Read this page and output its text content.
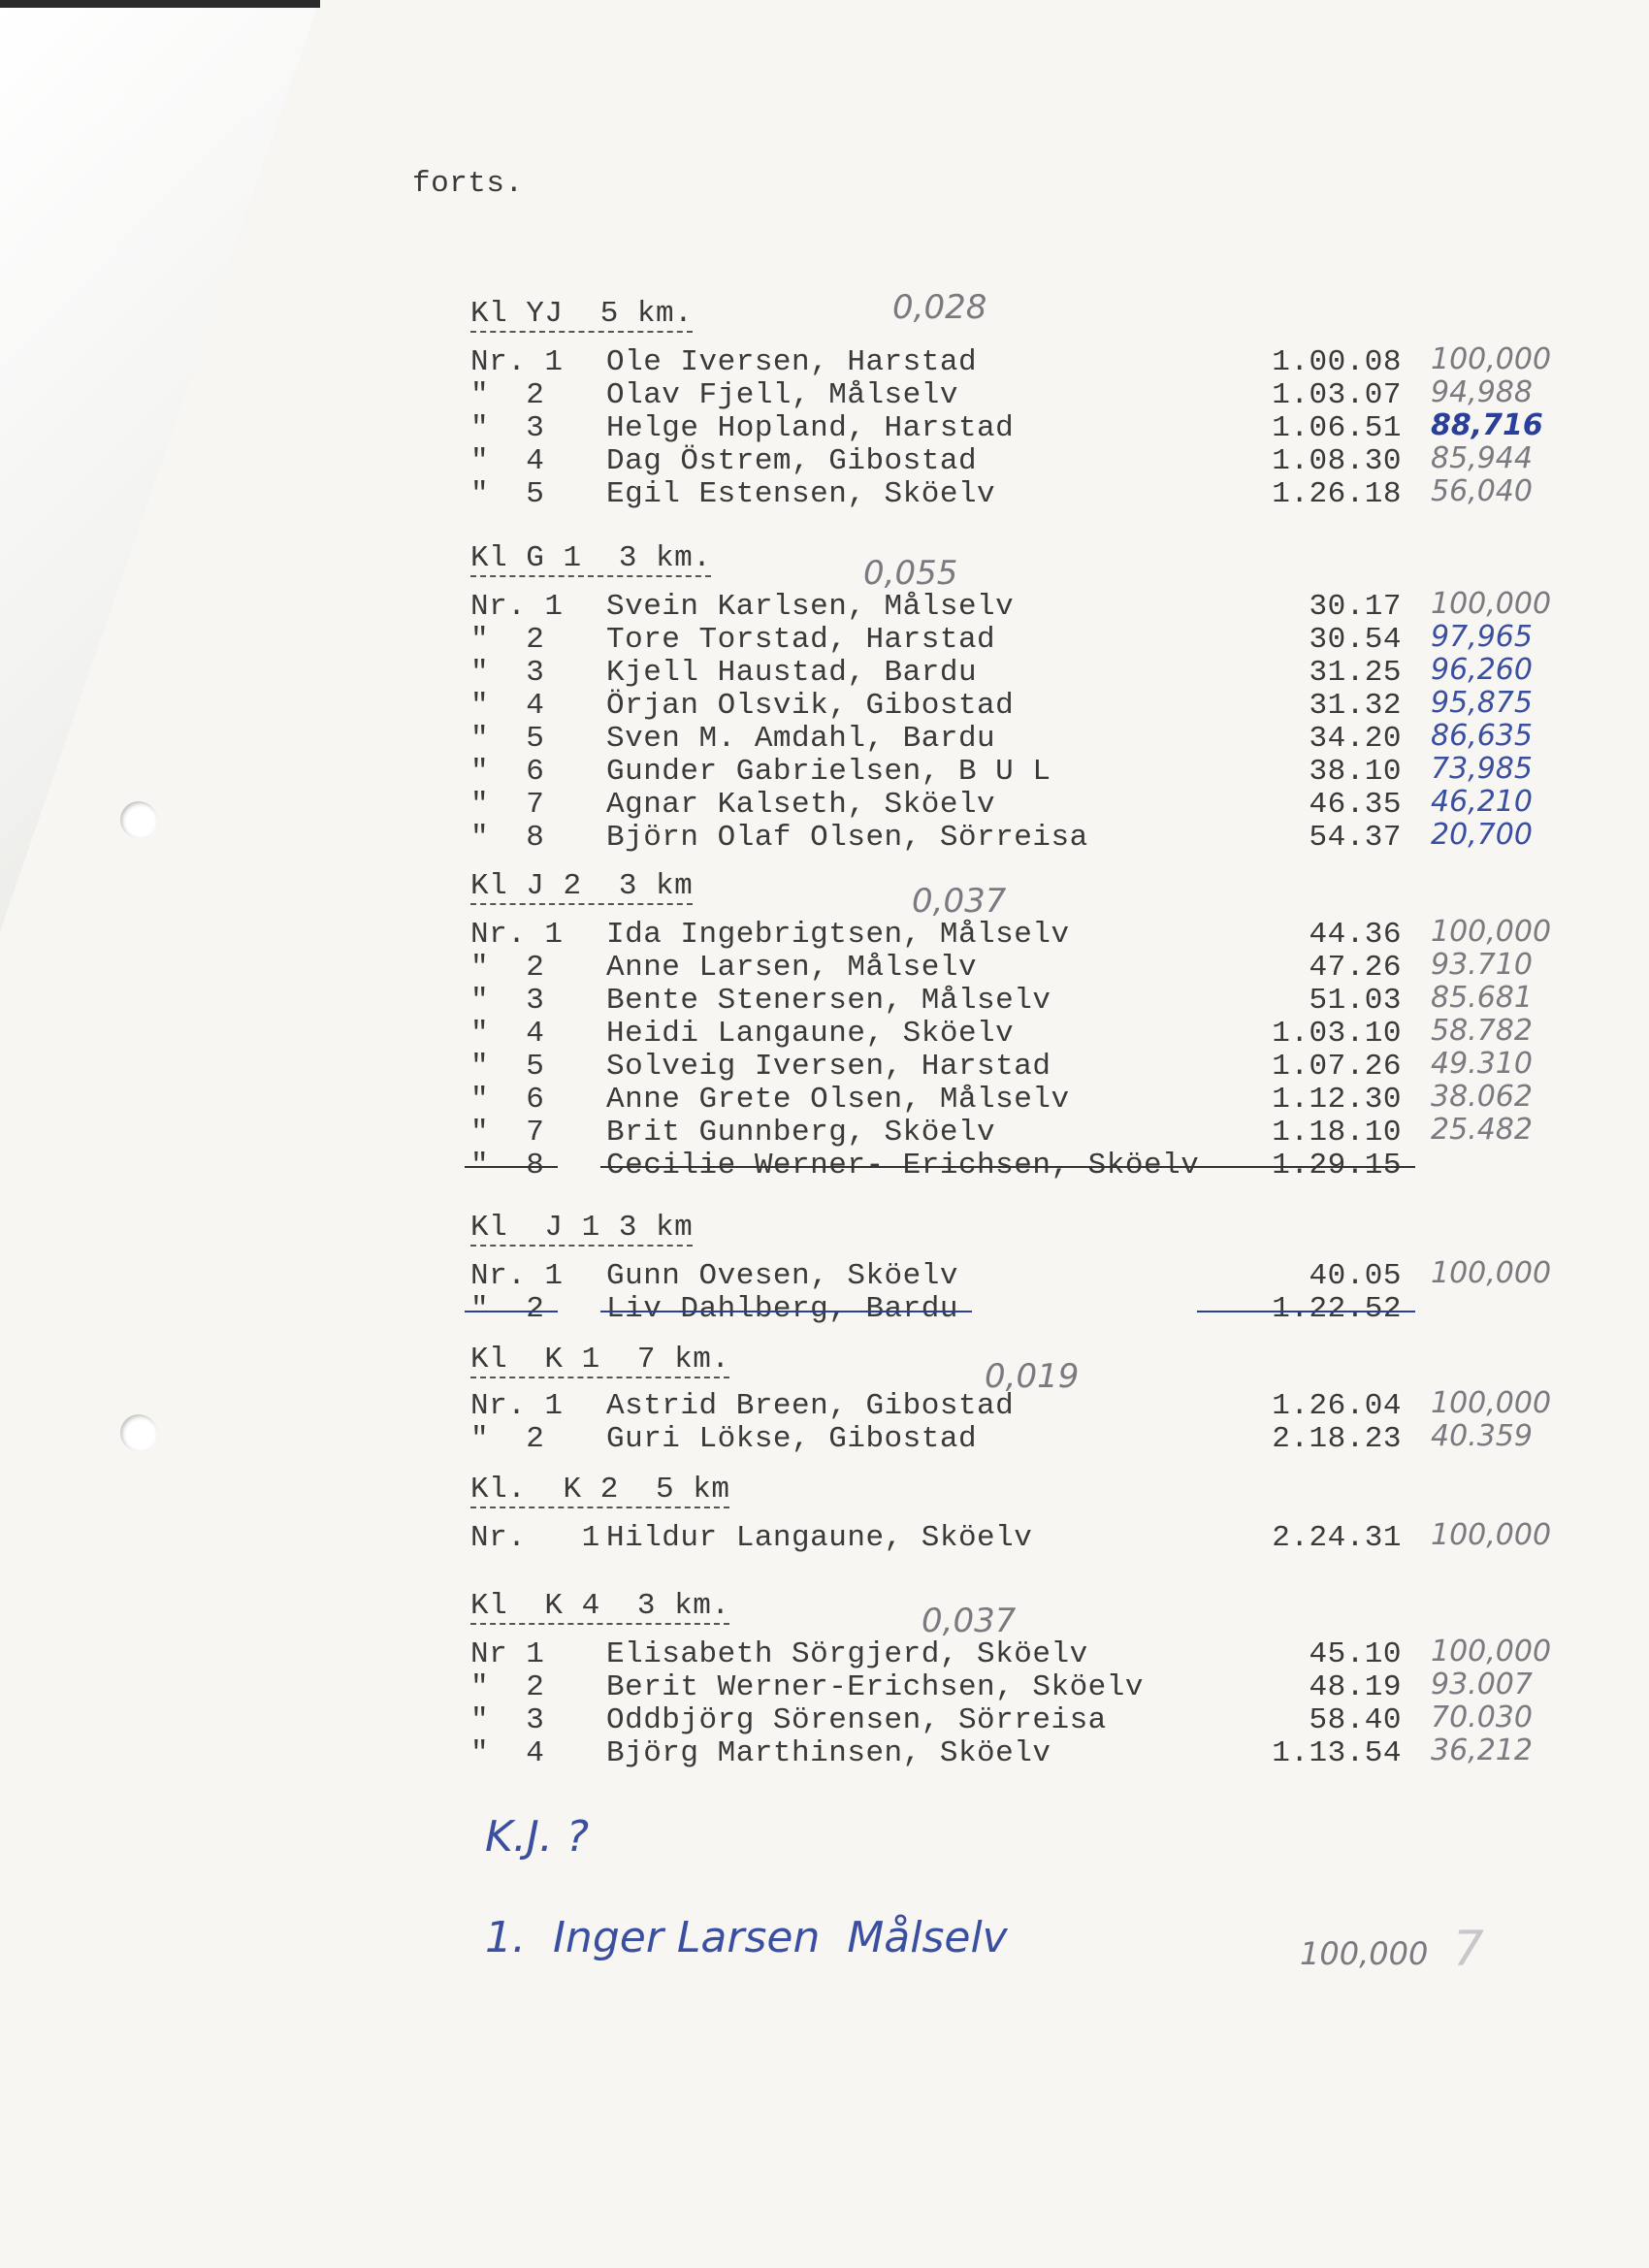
forts.
Kl YJ  5 km.	0,028
Nr. 1 Ole Iversen, Harstad	1.00.08 100,000
"  2 Olav Fjell, Målselv	1.03.07 94,988
"  3 Helge Hopland, Harstad	1.06.51 88,716
"  4 Dag Östrem, Gibostad	1.08.30 85,944
"  5 Egil Estensen, Sköelv	1.26.18 56,040
Kl G 1  3 km.	0,055
Nr. 1 Svein Karlsen, Målselv	30.17 100,000
"  2 Tore Torstad, Harstad	30.54 97,965
"  3 Kjell Haustad, Bardu	31.25 96,260
"  4 Örjan Olsvik, Gibostad	31.32 95,875
"  5 Sven M. Amdahl, Bardu	34.20 86,635
"  6 Gunder Gabrielsen, B U L	38.10 73,985
"  7 Agnar Kalseth, Sköelv	46.35 46,210
"  8 Björn Olaf Olsen, Sörreisa	54.37 20,700
Kl J 2  3 km	0,037
Nr. 1 Ida Ingebrigtsen, Målselv	44.36 100,000
"  2 Anne Larsen, Målselv	47.26 93.710
"  3 Bente Stenersen, Målselv	51.03 85.681
"  4 Heidi Langaune, Sköelv	1.03.10 58.782
"  5 Solveig Iversen, Harstad	1.07.26 49.310
"  6 Anne Grete Olsen, Målselv	1.12.30 38.062
"  7 Brit Gunnberg, Sköelv	1.18.10 25.482
"  8 Cecilie Werner- Erichsen, Sköelv	1.29.15
Kl  J 1 3 km
Nr. 1 Gunn Ovesen, Sköelv	40.05 100,000
"  2 Liv Dahlberg, Bardu	1.22.52
Kl  K 1  7 km.	0,019
Nr. 1 Astrid Breen, Gibostad	1.26.04 100,000
"  2 Guri Lökse, Gibostad	2.18.23 40.359
Kl.  K 2  5 km
Nr.   1 Hildur Langaune, Sköelv	2.24.31 100,000
Kl  K 4  3 km.	0,037
Nr 1 Elisabeth Sörgjerd, Sköelv	45.10 100,000
"  2 Berit Werner-Erichsen, Sköelv	48.19 93.007
"  3 Oddbjörg Sörensen, Sörreisa	58.40 70.030
"  4 Björg Marthinsen, Sköelv	1.13.54 36,212
K.J. ?
1.  Inger Larsen  Målselv	100,000 7
